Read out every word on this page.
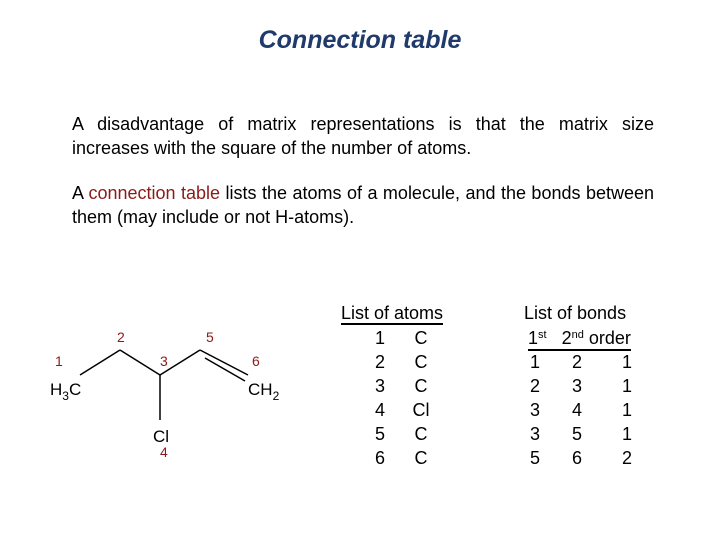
Connection table
A disadvantage of matrix representations is that the matrix size increases with the square of the number of atoms.
A connection table lists the atoms of a molecule, and the bonds between them (may include or not H-atoms).
$H_3C$	$CH_2$
Cl
1
2
3
4
5
6
List of atoms
1	C
2	C
3	C
4	Cl
5	C
6	C
List of bonds
1st 2nd order
1	2	1
2	3	1
3	4	1
3	5	1
5	6	2
